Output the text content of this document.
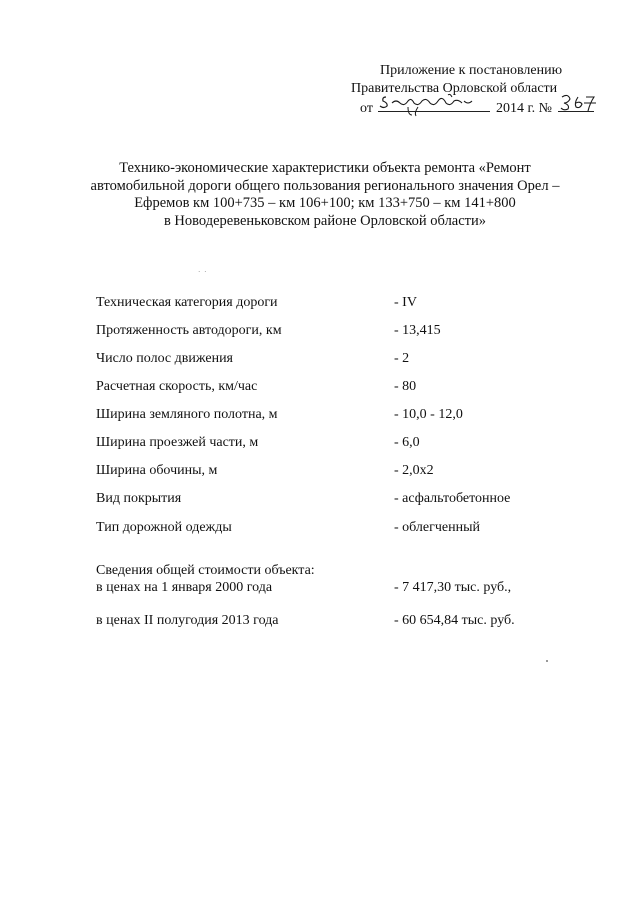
Приложение к постановлению
Правительства Орловской области
от	2014 г. №
Технико-экономические характеристики объекта ремонта «Ремонт
автомобильной дороги общего пользования регионального значения Орел –
Ефремов км 100+735 – км 106+100; км 133+750 – км 141+800
в Новодеревеньковском районе Орловской области»
· ·
Техническая категория дороги	- IV
Протяженность автодороги, км	- 13,415
Число полос движения	- 2
Расчетная скорость, км/час	- 80
Ширина земляного полотна, м	- 10,0 - 12,0
Ширина проезжей части, м	- 6,0
Ширина обочины, м	- 2,0х2
Вид покрытия	- асфальтобетонное
Тип дорожной одежды	- облегченный
Сведения общей стоимости объекта:
в ценах на 1 января 2000 года	- 7 417,30 тыс. руб.,
в ценах II полугодия 2013 года	- 60 654,84 тыс. руб.
